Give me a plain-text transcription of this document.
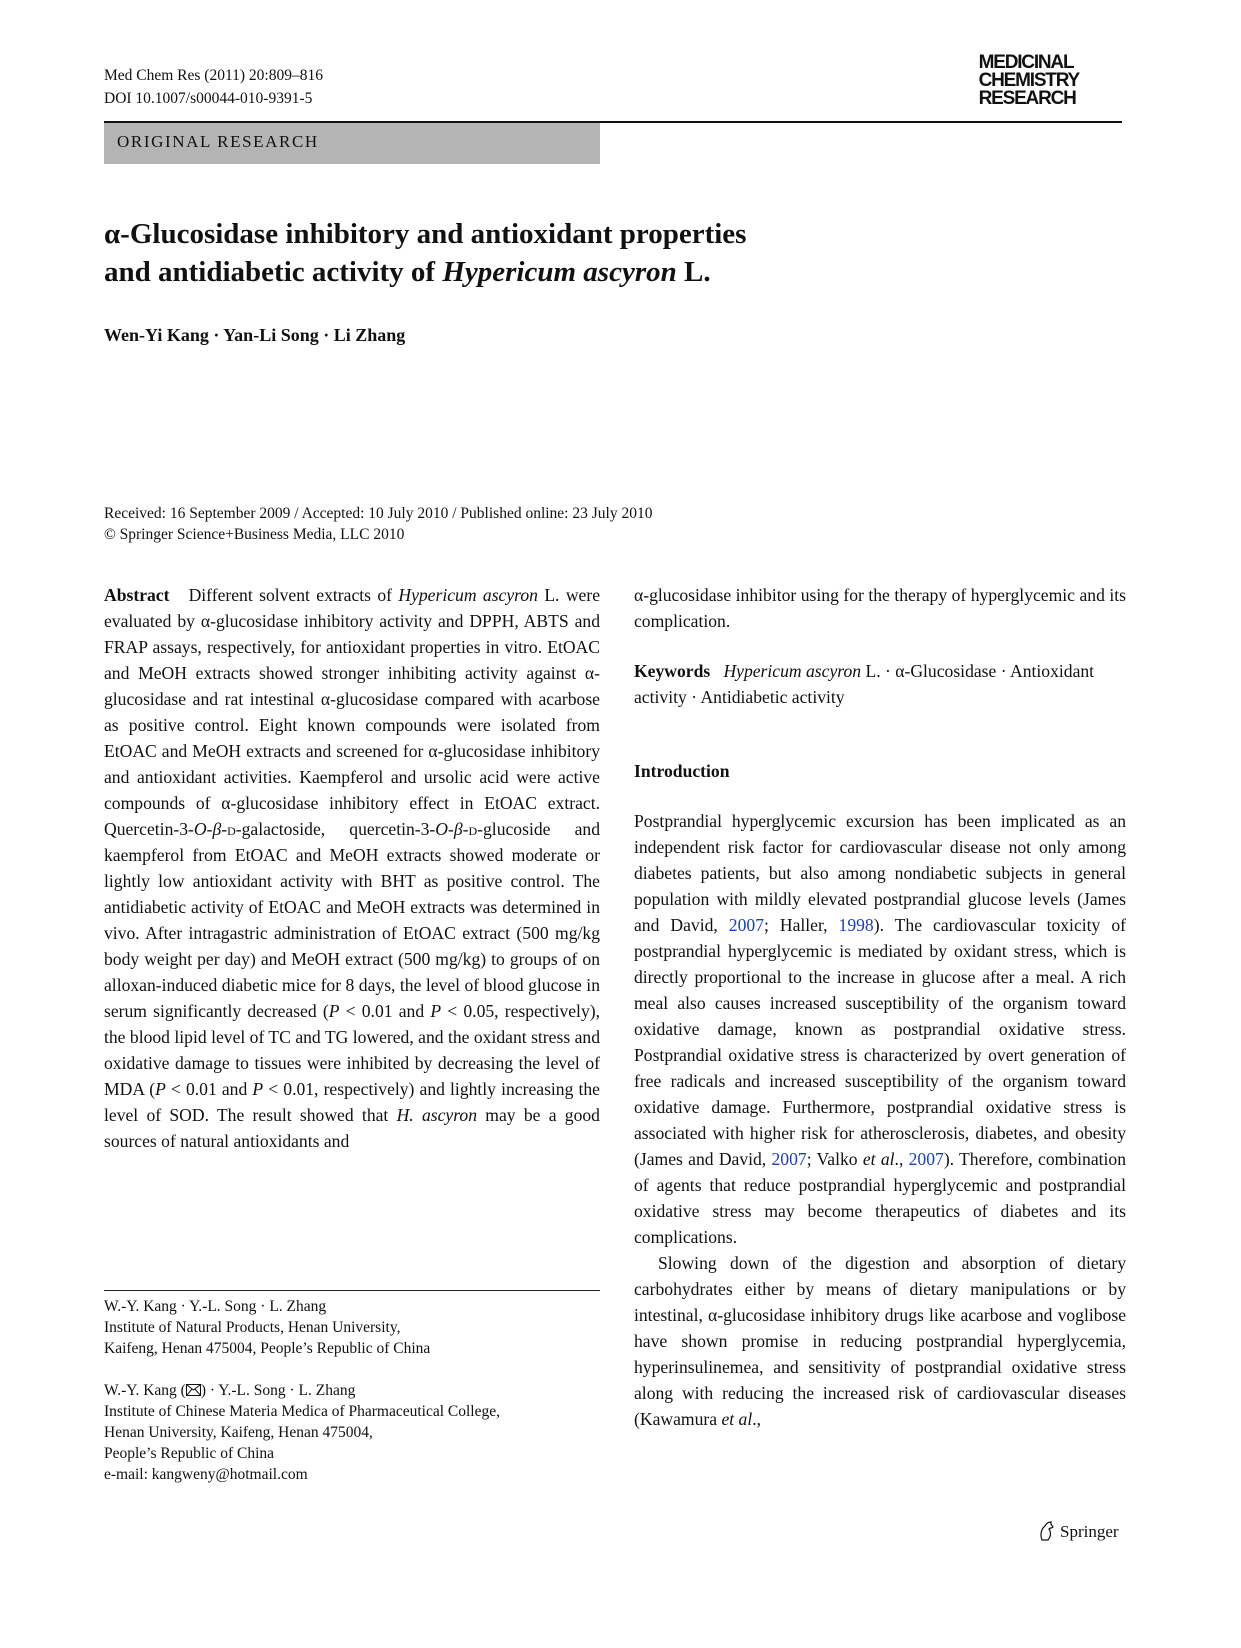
Med Chem Res (2011) 20:809–816
DOI 10.1007/s00044-010-9391-5
MEDICINAL
CHEMISTRY
RESEARCH
ORIGINAL RESEARCH
α-Glucosidase inhibitory and antioxidant properties
and antidiabetic activity of Hypericum ascyron L.
Wen-Yi Kang · Yan-Li Song · Li Zhang
Received: 16 September 2009 / Accepted: 10 July 2010 / Published online: 23 July 2010
© Springer Science+Business Media, LLC 2010

Abstract Different solvent extracts of Hypericum ascyron L. were evaluated by α-glucosidase inhibitory activity and DPPH, ABTS and FRAP assays, respectively, for antioxidant properties in vitro. EtOAC and MeOH extracts showed stronger inhibiting activity against α-glucosidase and rat intestinal α-glucosidase compared with acarbose as positive control. Eight known compounds were isolated from EtOAC and MeOH extracts and screened for α-glucosidase inhibitory and antioxidant activities. Kaempferol and ursolic acid were active compounds of α-glucosidase inhibitory effect in EtOAC extract. Quercetin-3-O-β-d-galactoside, quercetin-3-O-β-d-glucoside and kaempferol from EtOAC and MeOH extracts showed moderate or lightly low antioxidant activity with BHT as positive control. The antidiabetic activity of EtOAC and MeOH extracts was determined in vivo. After intragastric administration of EtOAC extract (500 mg/kg body weight per day) and MeOH extract (500 mg/kg) to groups of on alloxan-induced diabetic mice for 8 days, the level of blood glucose in serum significantly decreased (P < 0.01 and P < 0.05, respectively), the blood lipid level of TC and TG lowered, and the oxidant stress and oxidative damage to tissues were inhibited by decreasing the level of MDA (P < 0.01 and P < 0.01, respectively) and lightly increasing the level of SOD. The result showed that H. ascyron may be a good sources of natural antioxidants and

α-glucosidase inhibitor using for the therapy of hyperglycemic and its complication.

Keywords Hypericum ascyron L. · α-Glucosidase · Antioxidant activity · Antidiabetic activity

Introduction

Postprandial hyperglycemic excursion has been implicated as an independent risk factor for cardiovascular disease not only among diabetes patients, but also among nondiabetic subjects in general population with mildly elevated postprandial glucose levels (James and David, 2007; Haller, 1998). The cardiovascular toxicity of postprandial hyperglycemic is mediated by oxidant stress, which is directly proportional to the increase in glucose after a meal. A rich meal also causes increased susceptibility of the organism toward oxidative damage, known as postprandial oxidative stress. Postprandial oxidative stress is characterized by overt generation of free radicals and increased susceptibility of the organism toward oxidative damage. Furthermore, postprandial oxidative stress is associated with higher risk for atherosclerosis, diabetes, and obesity (James and David, 2007; Valko et al., 2007). Therefore, combination of agents that reduce postprandial hyperglycemic and postprandial oxidative stress may become therapeutics of diabetes and its complications.

Slowing down of the digestion and absorption of dietary carbohydrates either by means of dietary manipulations or by intestinal, α-glucosidase inhibitory drugs like acarbose and voglibose have shown promise in reducing postprandial hyperglycemia, hyperinsulinemea, and sensitivity of postprandial oxidative stress along with reducing the increased risk of cardiovascular diseases (Kawamura et al.,

W.-Y. Kang · Y.-L. Song · L. Zhang
Institute of Natural Products, Henan University,
Kaifeng, Henan 475004, People’s Republic of China
W.-Y. Kang ( ) · Y.-L. Song · L. Zhang
Institute of Chinese Materia Medica of Pharmaceutical College,
Henan University, Kaifeng, Henan 475004,
People’s Republic of China
e-mail: kangweny@hotmail.com
Springer
